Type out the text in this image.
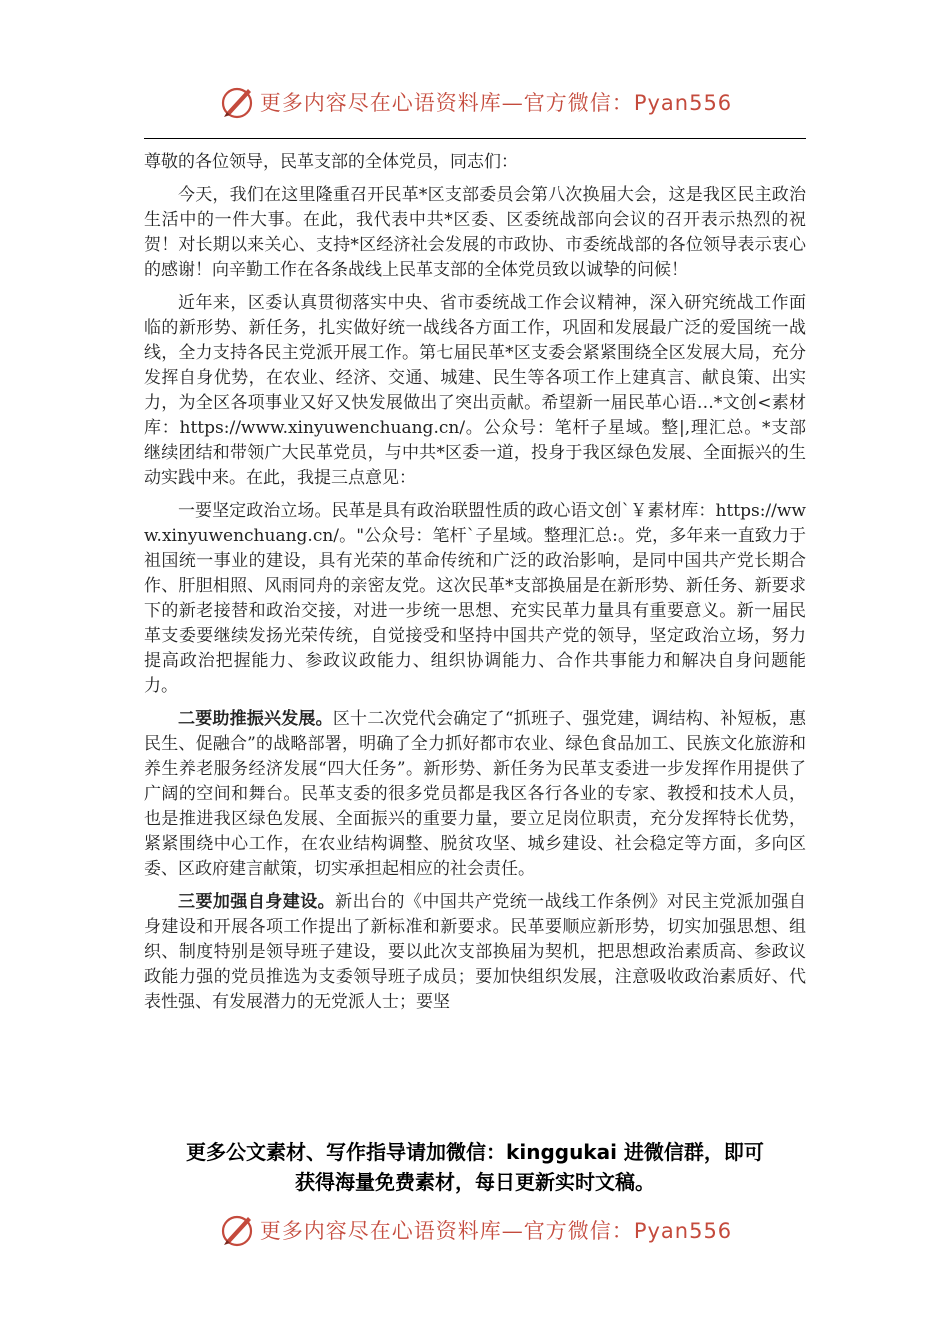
更多内容尽在心语资料库—官方微信：Pyan556

尊敬的各位领导，民革支部的全体党员，同志们：

今天，我们在这里隆重召开民革*区支部委员会第八次换届大会，这是我区民主政治生活中的一件大事。在此，我代表中共*区委、区委统战部向会议的召开表示热烈的祝贺！对长期以来关心、支持*区经济社会发展的市政协、市委统战部的各位领导表示衷心的感谢！向辛勤工作在各条战线上民革支部的全体党员致以诚挚的问候！

近年来，区委认真贯彻落实中央、省市委统战工作会议精神，深入研究统战工作面临的新形势、新任务，扎实做好统一战线各方面工作，巩固和发展最广泛的爱国统一战线，全力支持各民主党派开展工作。第七届民革*区支委会紧紧围绕全区发展大局，充分发挥自身优势，在农业、经济、交通、城建、民生等各项工作上建真言、献良策、出实力，为全区各项事业又好又快发展做出了突出贡献。希望新一届民革心语…*文创<素材库：https://www.xinyuwenchuang.cn/。公众号：笔杆子星域。整|,理汇总。*支部继续团结和带领广大民革党员，与中共*区委一道，投身于我区绿色发展、全面振兴的生动实践中来。在此，我提三点意见：

一要坚定政治立场。民革是具有政治联盟性质的政心语文创`￥素材库：https://www.xinyuwenchuang.cn/。"公众号：笔杆`子星域。整理汇总:。党，多年来一直致力于祖国统一事业的建设，具有光荣的革命传统和广泛的政治影响，是同中国共产党长期合作、肝胆相照、风雨同舟的亲密友党。这次民革*支部换届是在新形势、新任务、新要求下的新老接替和政治交接，对进一步统一思想、充实民革力量具有重要意义。新一届民革支委要继续发扬光荣传统，自觉接受和坚持中国共产党的领导，坚定政治立场，努力提高政治把握能力、参政议政能力、组织协调能力、合作共事能力和解决自身问题能力。

二要助推振兴发展。区十二次党代会确定了“抓班子、强党建，调结构、补短板，惠民生、促融合”的战略部署，明确了全力抓好都市农业、绿色食品加工、民族文化旅游和养生养老服务经济发展“四大任务”。新形势、新任务为民革支委进一步发挥作用提供了广阔的空间和舞台。民革支委的很多党员都是我区各行各业的专家、教授和技术人员，也是推进我区绿色发展、全面振兴的重要力量，要立足岗位职责，充分发挥特长优势，紧紧围绕中心工作，在农业结构调整、脱贫攻坚、城乡建设、社会稳定等方面，多向区委、区政府建言献策，切实承担起相应的社会责任。

三要加强自身建设。新出台的《中国共产党统一战线工作条例》对民主党派加强自身建设和开展各项工作提出了新标准和新要求。民革要顺应新形势，切实加强思想、组织、制度特别是领导班子建设，要以此次支部换届为契机，把思想政治素质高、参政议政能力强的党员推选为支委领导班子成员；要加快组织发展，注意吸收政治素质好、代表性强、有发展潜力的无党派人士；要坚

更多公文素材、写作指导请加微信：kinggukai 进微信群，即可
获得海量免费素材，每日更新实时文稿。
更多内容尽在心语资料库—官方微信：Pyan556
